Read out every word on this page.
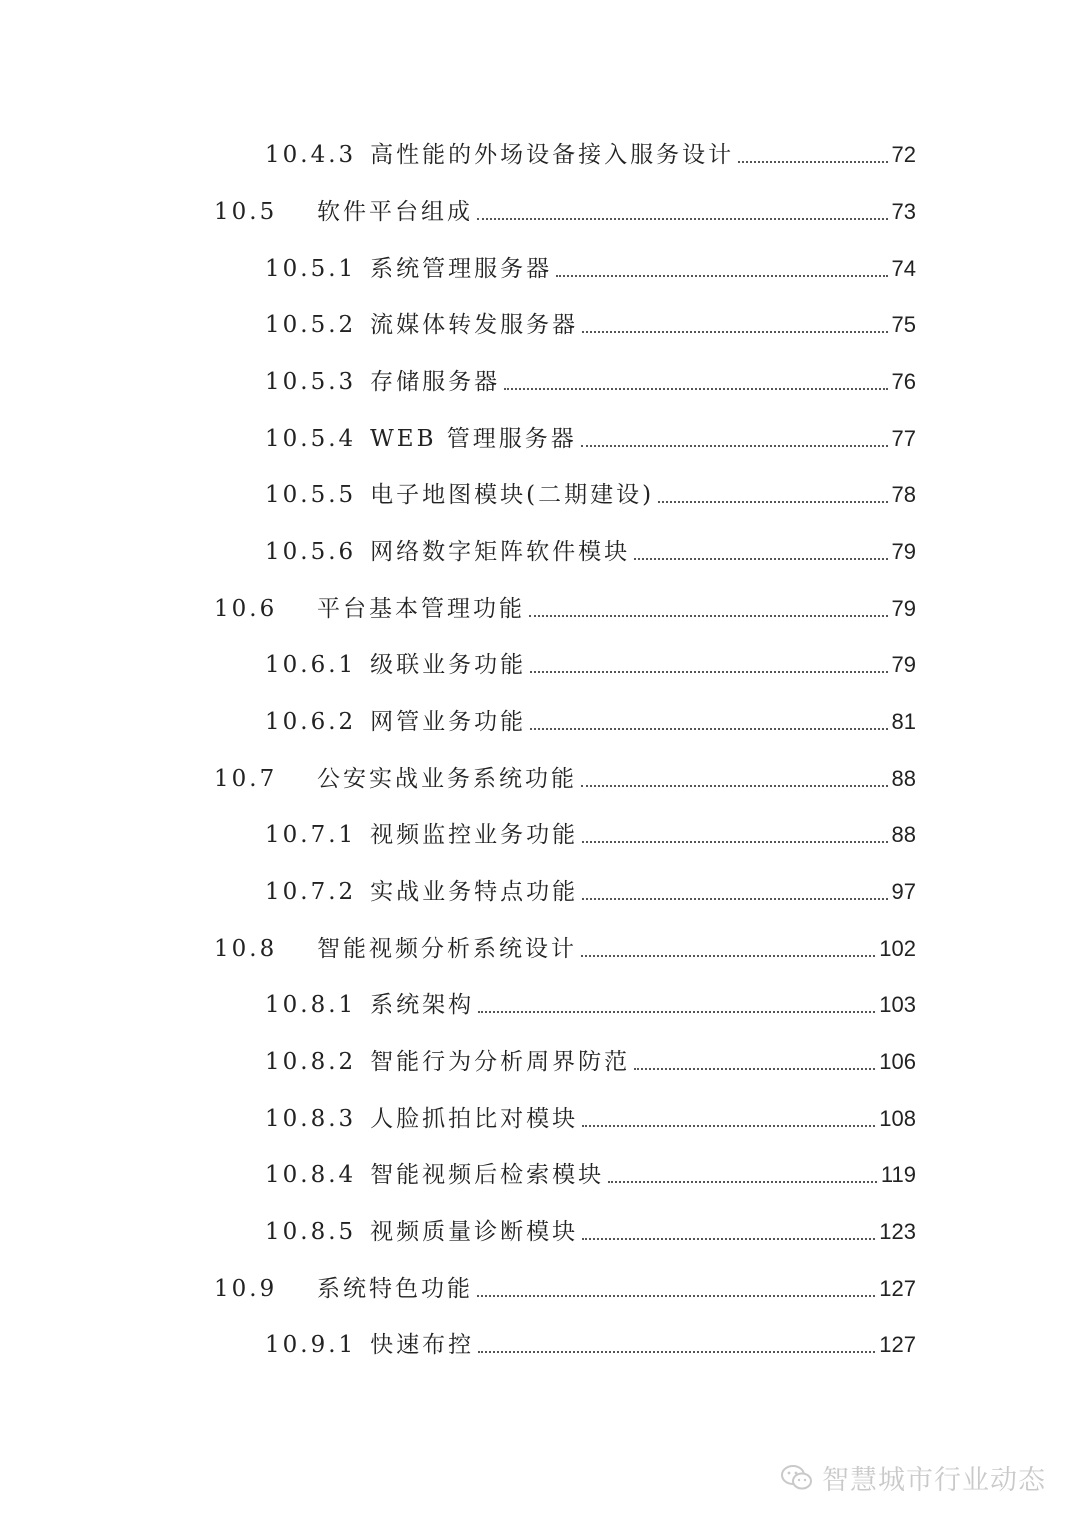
10.4.3 高性能的外场设备接入服务设计	72
10.5	软件平台组成	73
10.5.1 系统管理服务器	74
10.5.2 流媒体转发服务器	75
10.5.3 存储服务器	76
10.5.4 WEB 管理服务器	77
10.5.5 电子地图模块(二期建设)	78
10.5.6 网络数字矩阵软件模块	79
10.6	平台基本管理功能	79
10.6.1 级联业务功能	79
10.6.2 网管业务功能	81
10.7	公安实战业务系统功能	88
10.7.1 视频监控业务功能	88
10.7.2 实战业务特点功能	97
10.8	智能视频分析系统设计	102
10.8.1 系统架构	103
10.8.2 智能行为分析周界防范	106
10.8.3 人脸抓拍比对模块	108
10.8.4 智能视频后检索模块	119
10.8.5 视频质量诊断模块	123
10.9	系统特色功能	127
10.9.1 快速布控	127
智慧城市行业动态
